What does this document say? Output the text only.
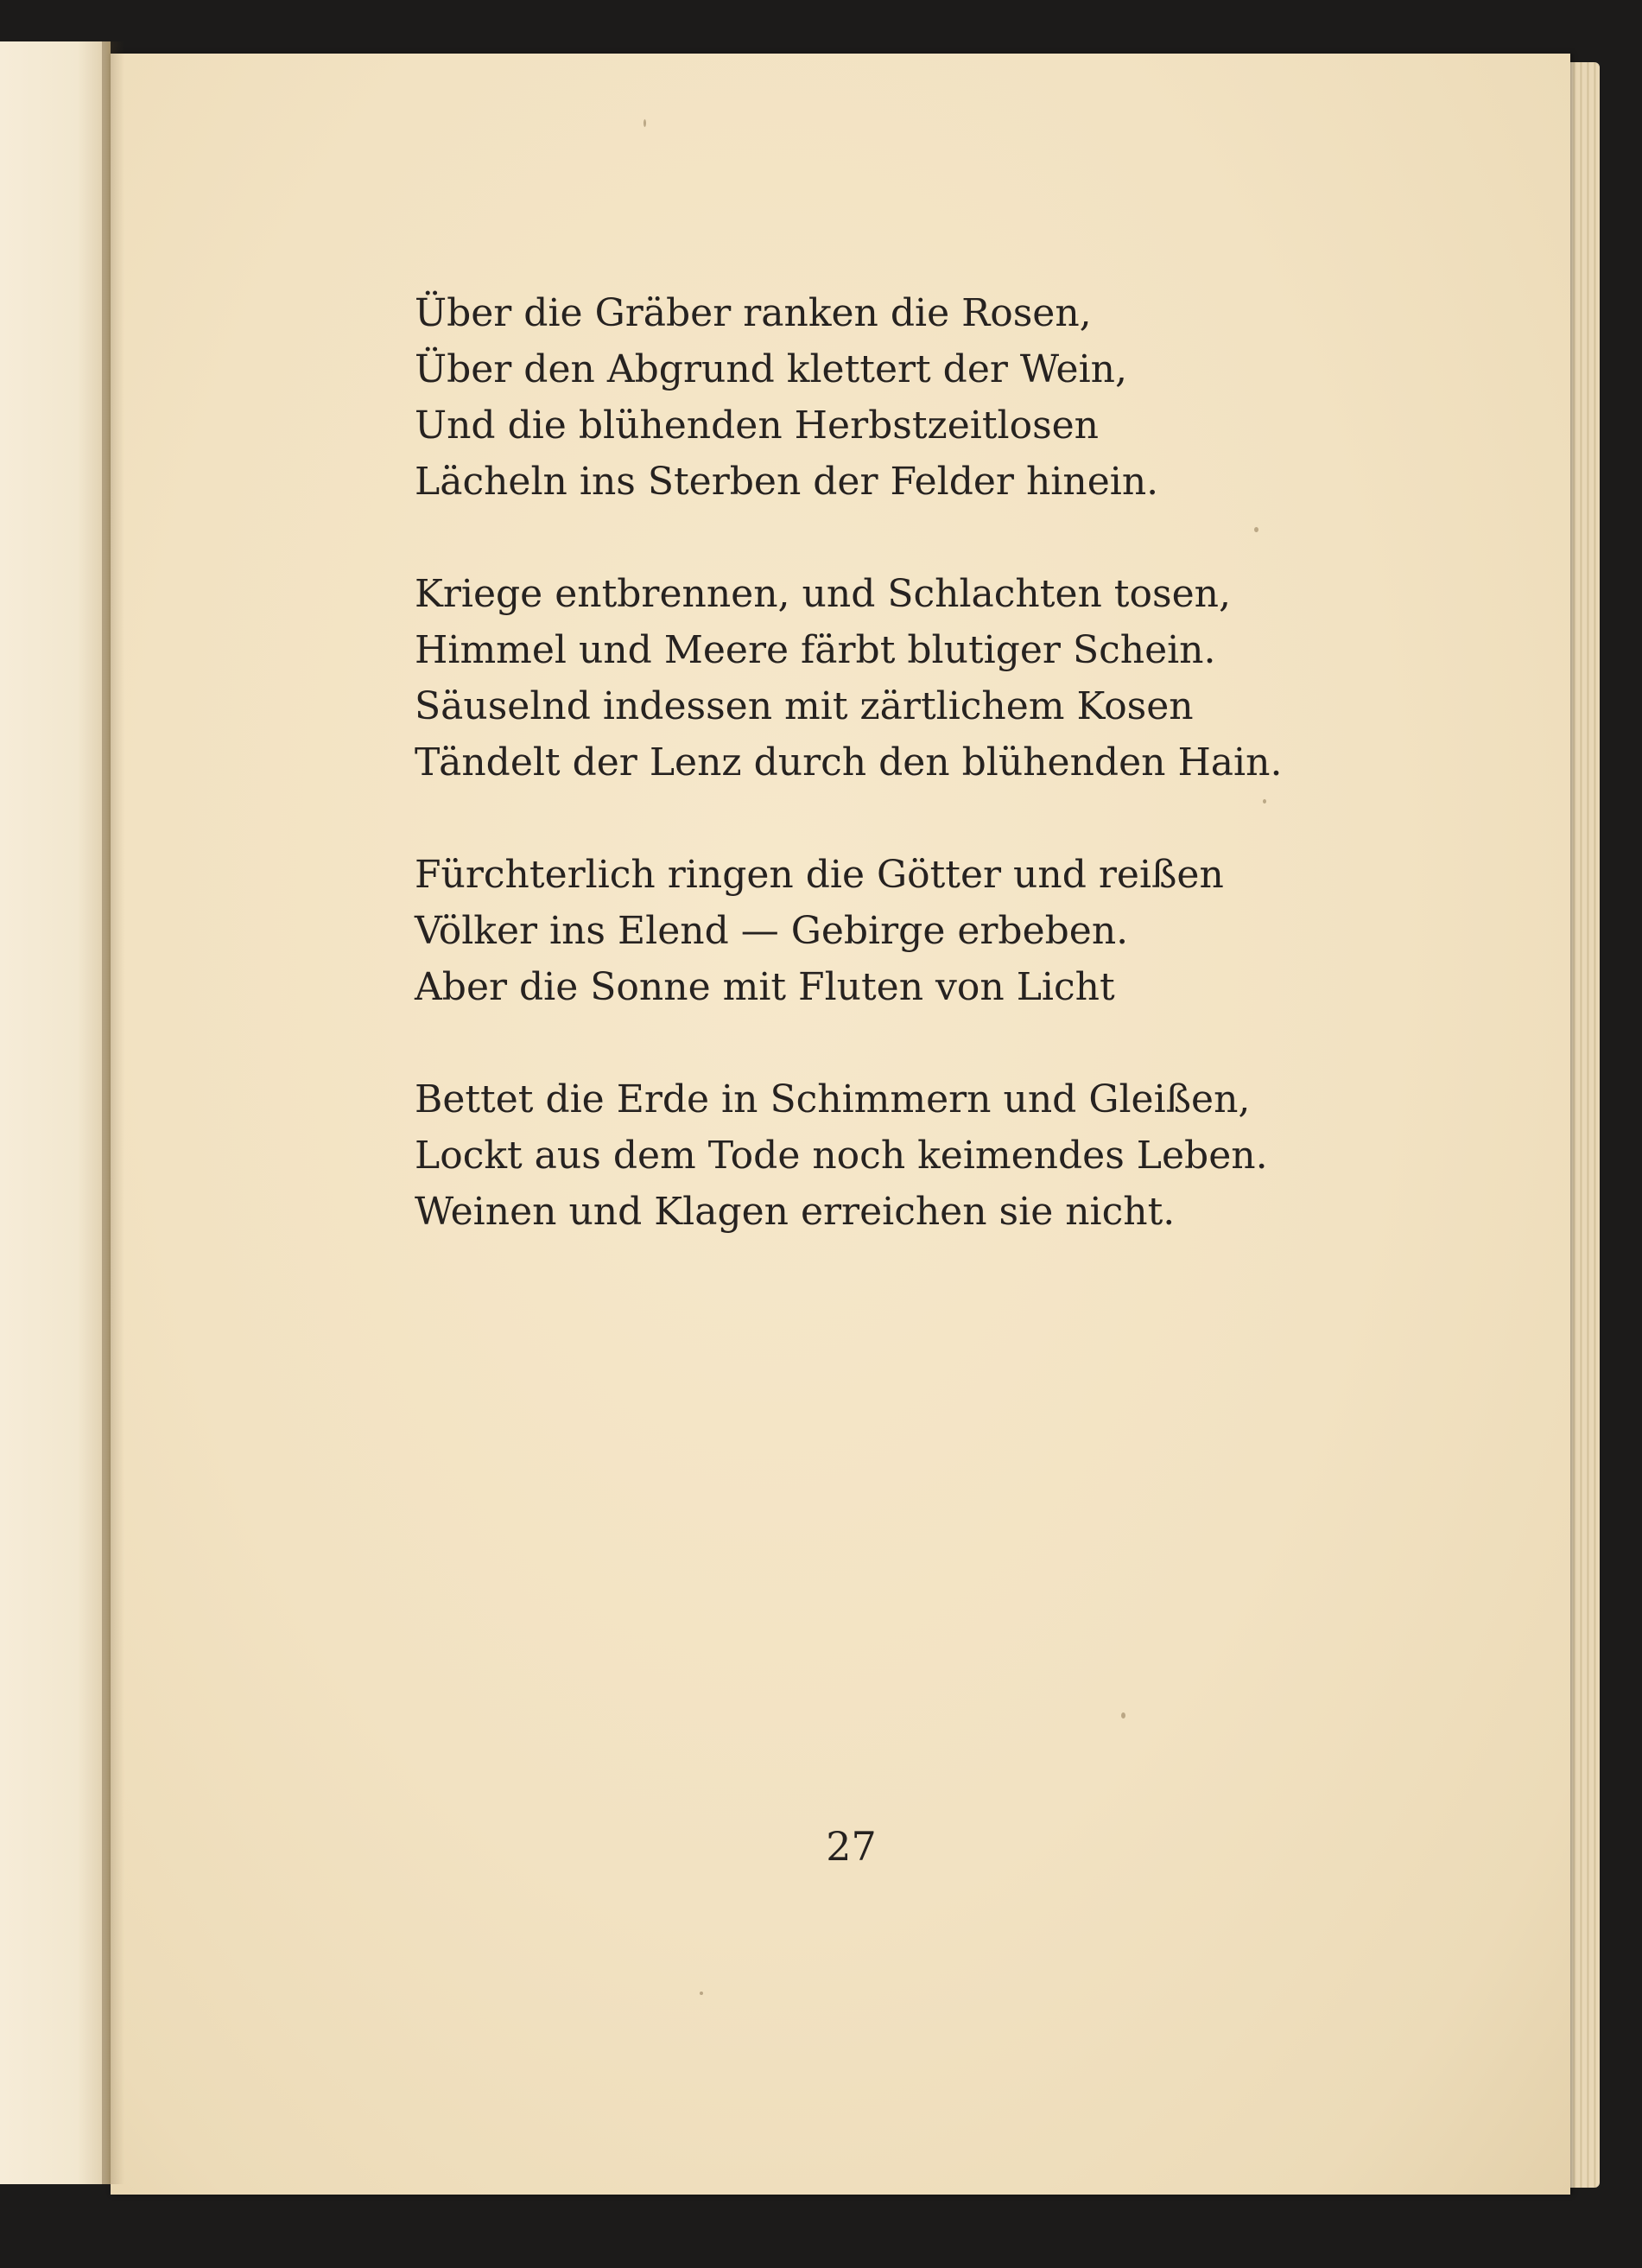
Über die Gräber ranken die Rosen,
Über den Abgrund klettert der Wein,
Und die blühenden Herbstzeitlosen
Lächeln ins Sterben der Felder hinein.
Kriege entbrennen, und Schlachten tosen,
Himmel und Meere färbt blutiger Schein.
Säuselnd indessen mit zärtlichem Kosen
Tändelt der Lenz durch den blühenden Hain.
Fürchterlich ringen die Götter und reißen
Völker ins Elend — Gebirge erbeben.
Aber die Sonne mit Fluten von Licht
Bettet die Erde in Schimmern und Gleißen,
Lockt aus dem Tode noch keimendes Leben.
Weinen und Klagen erreichen sie nicht.
27
